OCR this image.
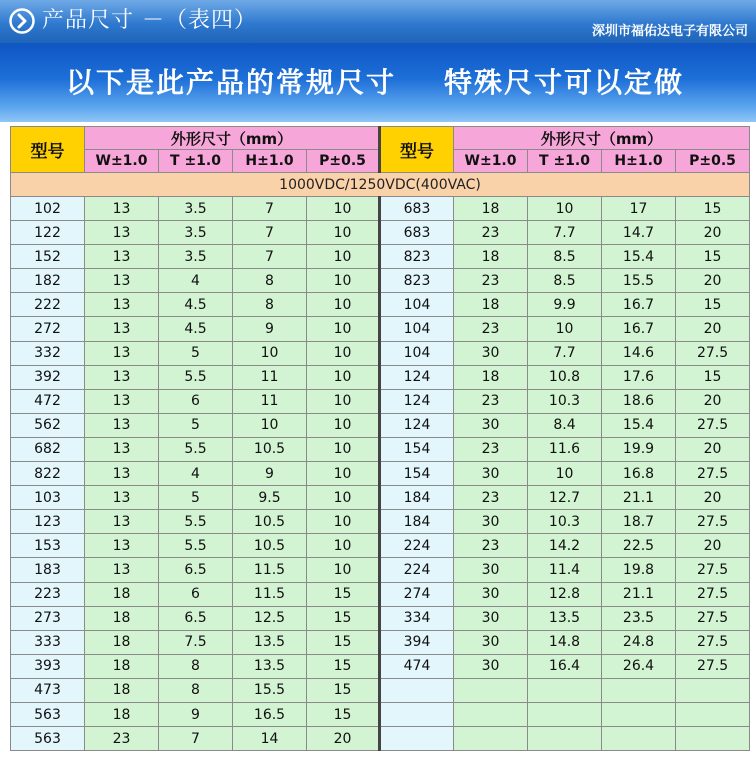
产品尺寸 －（表四）	深圳市福佑达电子有限公司
以下是此产品的常规尺寸 特殊尺寸可以定做
型号	外形尺寸（mm）				型号	外形尺寸（mm）			
	W±1.0	T ±1.0	H±1.0	P±0.5		W±1.0	T ±1.0	H±1.0	P±0.5
1000VDC/1250VDC(400VAC)									
102	13	3.5	7	10	683	18	10	17	15
122	13	3.5	7	10	683	23	7.7	14.7	20
152	13	3.5	7	10	823	18	8.5	15.4	15
182	13	4	8	10	823	23	8.5	15.5	20
222	13	4.5	8	10	104	18	9.9	16.7	15
272	13	4.5	9	10	104	23	10	16.7	20
332	13	5	10	10	104	30	7.7	14.6	27.5
392	13	5.5	11	10	124	18	10.8	17.6	15
472	13	6	11	10	124	23	10.3	18.6	20
562	13	5	10	10	124	30	8.4	15.4	27.5
682	13	5.5	10.5	10	154	23	11.6	19.9	20
822	13	4	9	10	154	30	10	16.8	27.5
103	13	5	9.5	10	184	23	12.7	21.1	20
123	13	5.5	10.5	10	184	30	10.3	18.7	27.5
153	13	5.5	10.5	10	224	23	14.2	22.5	20
183	13	6.5	11.5	10	224	30	11.4	19.8	27.5
223	18	6	11.5	15	274	30	12.8	21.1	27.5
273	18	6.5	12.5	15	334	30	13.5	23.5	27.5
333	18	7.5	13.5	15	394	30	14.8	24.8	27.5
393	18	8	13.5	15	474	30	16.4	26.4	27.5
473	18	8	15.5	15					
563	18	9	16.5	15					
563	23	7	14	20					
